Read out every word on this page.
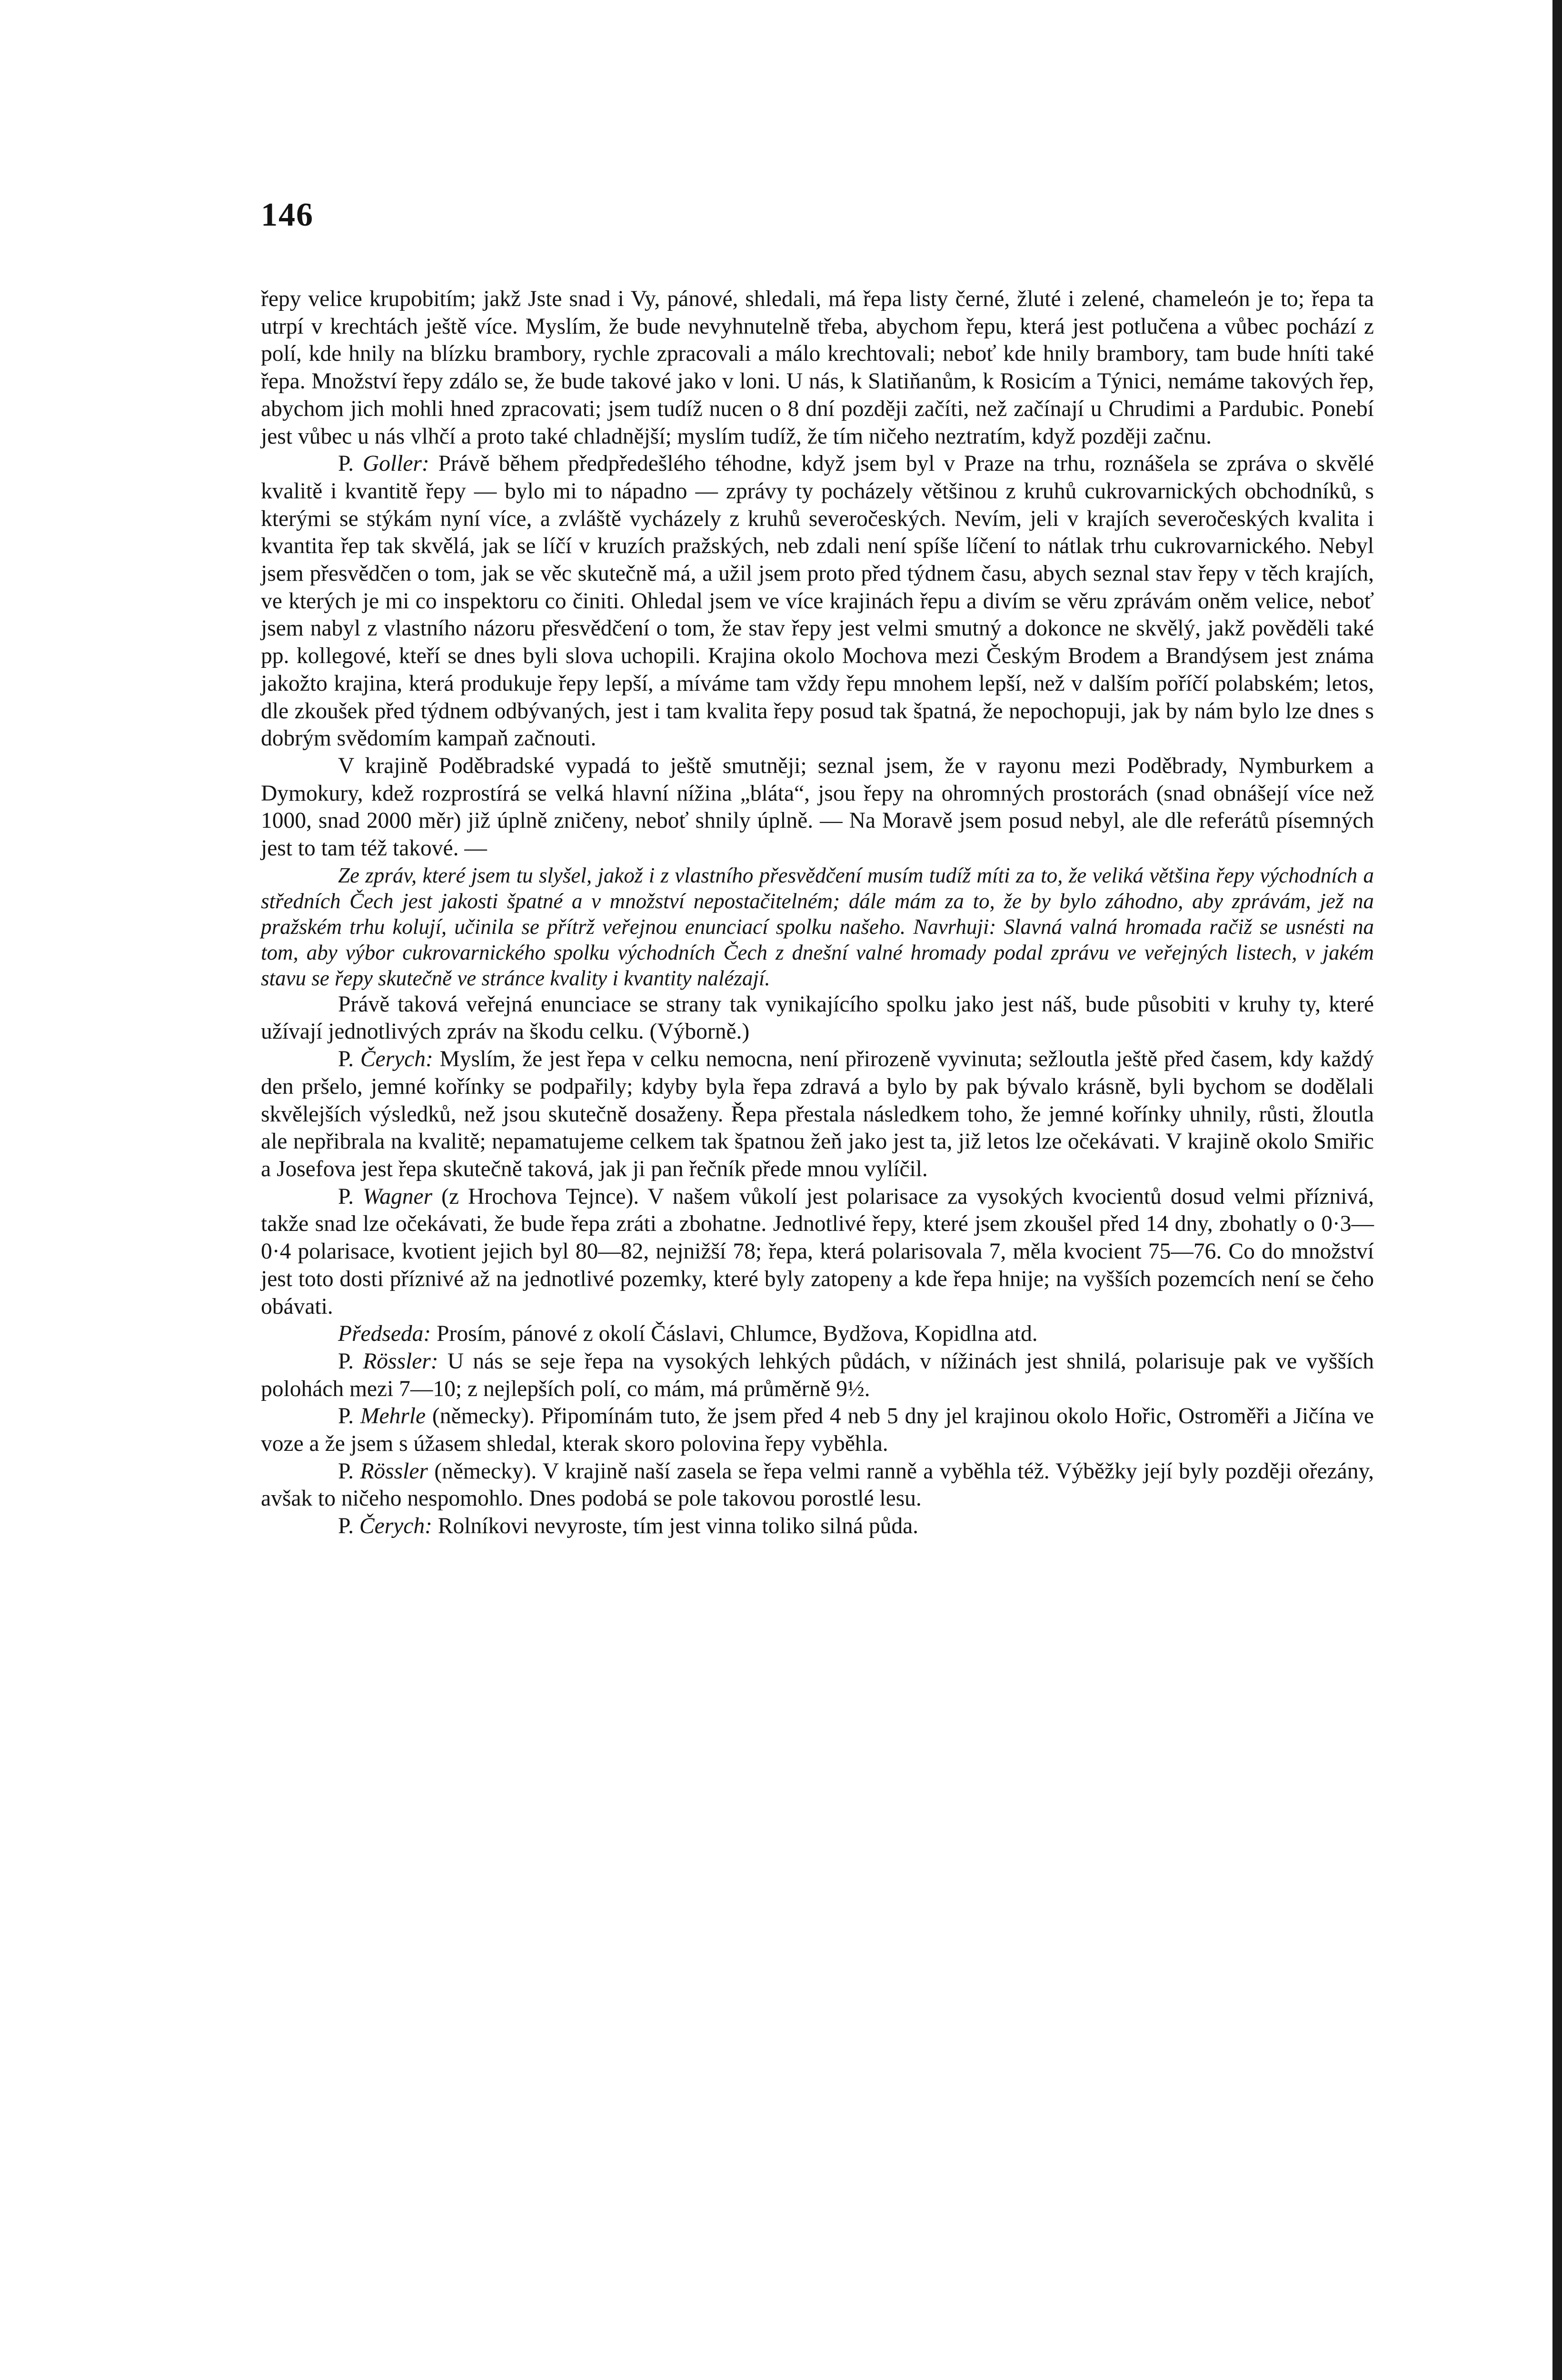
146

řepy velice krupobitím; jakž Jste snad i Vy, pánové, shledali, má řepa listy černé, žluté i zelené, chameleón je to; řepa ta utrpí v krechtách ještě více. Myslím, že bude nevyhnutelně třeba, abychom řepu, která jest potlučena a vůbec pochází z polí, kde hnily na blízku brambory, rychle zpracovali a málo krechtovali; neboť kde hnily brambory, tam bude hníti také řepa. Množství řepy zdálo se, že bude takové jako v loni. U nás, k Slatiňanům, k Rosicím a Týnici, nemáme takových řep, abychom jich mohli hned zpracovati; jsem tudíž nucen o 8 dní později začíti, než začínají u Chrudimi a Pardubic. Ponebí jest vůbec u nás vlhčí a proto také chladnější; myslím tudíž, že tím ničeho neztratím, když později začnu.

P. Goller: Právě během předpředešlého téhodne, když jsem byl v Praze na trhu, roznášela se zpráva o skvělé kvalitě i kvantitě řepy — bylo mi to nápadno — zprávy ty pocházely většinou z kruhů cukrovarnických obchodníků, s kterými se stýkám nyní více, a zvláště vycházely z kruhů severočeských. Nevím, jeli v krajích severočeských kvalita i kvantita řep tak skvělá, jak se líčí v kruzích pražských, neb zdali není spíše líčení to nátlak trhu cukrovarnického. Nebyl jsem přesvědčen o tom, jak se věc skutečně má, a užil jsem proto před týdnem času, abych seznal stav řepy v těch krajích, ve kterých je mi co inspektoru co činiti. Ohledal jsem ve více krajinách řepu a divím se věru zprávám oněm velice, neboť jsem nabyl z vlastního názoru přesvědčení o tom, že stav řepy jest velmi smutný a dokonce ne skvělý, jakž pověděli také pp. kollegové, kteří se dnes byli slova uchopili. Krajina okolo Mochova mezi Českým Brodem a Brandýsem jest známa jakožto krajina, která produkuje řepy lepší, a míváme tam vždy řepu mnohem lepší, než v dalším poříčí polabském; letos, dle zkoušek před týdnem odbývaných, jest i tam kvalita řepy posud tak špatná, že nepochopuji, jak by nám bylo lze dnes s dobrým svědomím kampaň začnouti.

V krajině Poděbradské vypadá to ještě smutněji; seznal jsem, že v rayonu mezi Poděbrady, Nymburkem a Dymokury, kdež rozprostírá se velká hlavní nížina „bláta“, jsou řepy na ohromných prostorách (snad obnášejí více než 1000, snad 2000 měr) již úplně zničeny, neboť shnily úplně. — Na Moravě jsem posud nebyl, ale dle referátů písemných jest to tam též takové. —

Ze zpráv, které jsem tu slyšel, jakož i z vlastního přesvědčení musím tudíž míti za to, že veliká většina řepy východních a středních Čech jest jakosti špatné a v množství nepostačitelném; dále mám za to, že by bylo záhodno, aby zprávám, jež na pražském trhu kolují, učinila se přítrž veřejnou enunciací spolku našeho. Navrhuji: Slavná valná hromada račiž se usnésti na tom, aby výbor cukrovarnického spolku východních Čech z dnešní valné hromady podal zprávu ve veřejných listech, v jakém stavu se řepy skutečně ve stránce kvality i kvantity nalézají.

Právě taková veřejná enunciace se strany tak vynikajícího spolku jako jest náš, bude působiti v kruhy ty, které užívají jednotlivých zpráv na škodu celku. (Výborně.)

P. Čerych: Myslím, že jest řepa v celku nemocna, není přirozeně vyvinuta; sežloutla ještě před časem, kdy každý den pršelo, jemné kořínky se podpařily; kdyby byla řepa zdravá a bylo by pak bývalo krásně, byli bychom se dodělali skvělejších výsledků, než jsou skutečně dosaženy. Řepa přestala následkem toho, že jemné kořínky uhnily, růsti, žloutla ale nepřibrala na kvalitě; nepamatujeme celkem tak špatnou žeň jako jest ta, již letos lze očekávati. V krajině okolo Smiřic a Josefova jest řepa skutečně taková, jak ji pan řečník přede mnou vylíčil.

P. Wagner (z Hrochova Tejnce). V našem vůkolí jest polarisace za vysokých kvocientů dosud velmi příznivá, takže snad lze očekávati, že bude řepa zráti a zbohatne. Jednotlivé řepy, které jsem zkoušel před 14 dny, zbohatly o 0·3—0·4 polarisace, kvotient jejich byl 80—82, nejnižší 78; řepa, která polarisovala 7, měla kvocient 75—76. Co do množství jest toto dosti příznivé až na jednotlivé pozemky, které byly zatopeny a kde řepa hnije; na vyšších pozemcích není se čeho obávati.

Předseda: Prosím, pánové z okolí Čáslavi, Chlumce, Bydžova, Kopidlna atd.

P. Rössler: U nás se seje řepa na vysokých lehkých půdách, v nížinách jest shnilá, polarisuje pak ve vyšších polohách mezi 7—10; z nejlepších polí, co mám, má průměrně 9½.

P. Mehrle (německy). Připomínám tuto, že jsem před 4 neb 5 dny jel krajinou okolo Hořic, Ostroměři a Jičína ve voze a že jsem s úžasem shledal, kterak skoro polovina řepy vyběhla.

P. Rössler (německy). V krajině naší zasela se řepa velmi ranně a vyběhla též. Výběžky její byly později ořezány, avšak to ničeho nespomohlo. Dnes podobá se pole takovou porostlé lesu.

P. Čerych: Rolníkovi nevyroste, tím jest vinna toliko silná půda.
